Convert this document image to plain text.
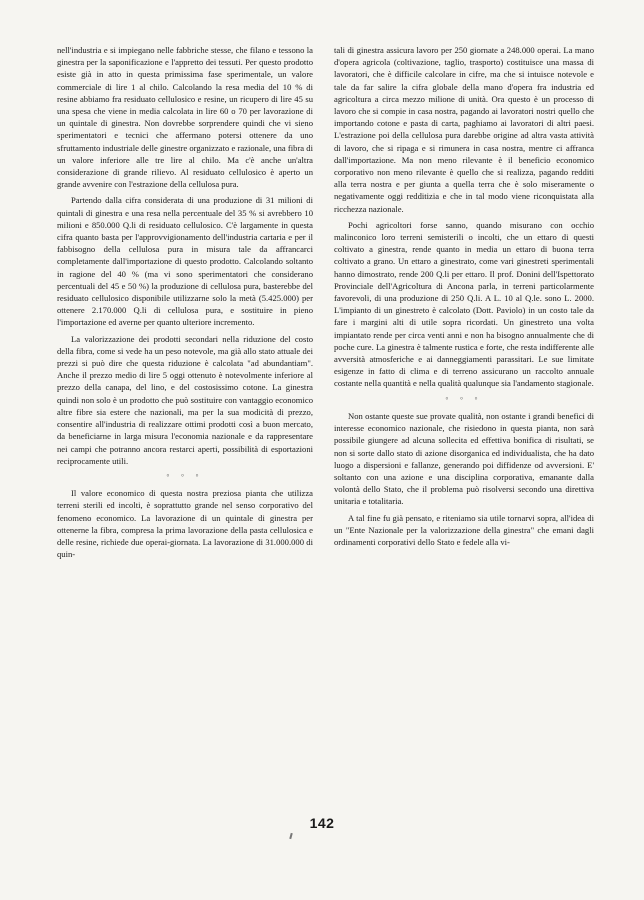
nell'industria e si impiegano nelle fabbriche stesse, che filano e tessono la ginestra per la saponificazione e l'appretto dei tessuti. Per questo prodotto esiste già in atto in questa primissima fase sperimentale, un valore commerciale di lire 1 al chilo. Calcolando la resa media del 10 % di resine abbiamo fra residuato cellulosico e resine, un ricupero di lire 45 su una spesa che viene in media calcolata in lire 60 o 70 per lavorazione di un quintale di ginestra. Non dovrebbe sorprendere quindi che vi sieno sperimentatori e tecnici che affermano potersi ottenere da uno sfruttamento industriale delle ginestre organizzato e razionale, una fibra di un valore inferiore alle tre lire al chilo. Ma c'è anche un'altra considerazione di grande rilievo. Al residuato cellulosico è aperto un grande avvenire con l'estrazione della cellulosa pura.

Partendo dalla cifra considerata di una produzione di 31 milioni di quintali di ginestra e una resa nella percentuale del 35 % si avrebbero 10 milioni e 850.000 Q.li di residuato cellulosico. C'è largamente in questa cifra quanto basta per l'approvvigionamento dell'industria cartaria e per il fabbisogno della cellulosa pura in misura tale da affrancarci completamente dall'importazione di questo prodotto. Calcolando soltanto in ragione del 40 % (ma vi sono sperimentatori che considerano percentuali del 45 e 50 %) la produzione di cellulosa pura, basterebbe del residuato cellulosico disponibile utilizzarne solo la metà (5.425.000) per ottenere 2.170.000 Q.li di cellulosa pura, e sostituire in pieno l'importazione ed averne per quanto ulteriore incremento.

La valorizzazione dei prodotti secondari nella riduzione del costo della fibra, come si vede ha un peso notevole, ma già allo stato attuale dei prezzi si può dire che questa riduzione è calcolata "ad abundantiam". Anche il prezzo medio di lire 5 oggi ottenuto è notevolmente inferiore al prezzo della canapa, del lino, e del costosissimo cotone. La ginestra quindi non solo è un prodotto che può sostituire con vantaggio economico altre fibre sia estere che nazionali, ma per la sua modicità di prezzo, consentire all'industria di realizzare ottimi prodotti così a buon mercato, da beneficiarne in larga misura l'economia nazionale e da rappresentare nei campi che potranno ancora restarci aperti, possibilità di esportazioni reciprocamente utili.

° ° °

Il valore economico di questa nostra preziosa pianta che utilizza terreni sterili ed incolti, è soprattutto grande nel senso corporativo del fenomeno economico. La lavorazione di un quintale di ginestra per ottenerne la fibra, compresa la prima lavorazione della pasta cellulosica e delle resine, richiede due operai-giornata. La lavorazione di 31.000.000 di quin-

tali di ginestra assicura lavoro per 250 giornate a 248.000 operai. La mano d'opera agricola (coltivazione, taglio, trasporto) costituisce una massa di lavoratori, che è difficile calcolare in cifre, ma che si intuisce notevole e tale da far salire la cifra globale della mano d'opera fra industria ed agricoltura a circa mezzo milione di unità. Ora questo è un processo di lavoro che si compie in casa nostra, pagando ai lavoratori nostri quello che importando cotone e pasta di carta, paghiamo ai lavoratori di altri paesi. L'estrazione poi della cellulosa pura darebbe origine ad altra vasta attività di lavoro, che si ripaga e si rimunera in casa nostra, mentre ci affranca dall'importazione. Ma non meno rilevante è il beneficio economico corporativo non meno rilevante è quello che si realizza, pagando redditi alla terra nostra e per giunta a quella terra che è solo miseramente o negativamente oggi redditizia e che in tal modo viene riconquistata alla ricchezza nazionale.

Pochi agricoltori forse sanno, quando misurano con occhio malinconico loro terreni semisterili o incolti, che un ettaro di questi coltivato a ginestra, rende quanto in media un ettaro di buona terra coltivato a grano. Un ettaro a ginestrato, come vari ginestreti sperimentali hanno dimostrato, rende 200 Q.li per ettaro. Il prof. Donini dell'Ispettorato Provinciale dell'Agricoltura di Ancona parla, in terreni particolarmente favorevoli, di una produzione di 250 Q.li. A L. 10 al Q.le. sono L. 2000. L'impianto di un ginestreto è calcolato (Dott. Paviolo) in un costo tale da fare i margini alti di utile sopra ricordati. Un ginestreto una volta impiantato rende per circa venti anni e non ha bisogno annualmente che di poche cure. La ginestra è talmente rustica e forte, che resta indifferente alle avversità atmosferiche e ai danneggiamenti parassitari. Le sue limitate esigenze in fatto di clima e di terreno assicurano un raccolto annuale costante nella quantità e nella qualità qualunque sia l'andamento stagionale.

° ° °

Non ostante queste sue provate qualità, non ostante i grandi benefici di interesse economico nazionale, che risiedono in questa pianta, non sarà possibile giungere ad alcuna sollecita ed effettiva bonifica di risultati, se non si sorte dallo stato di azione disorganica ed individualista, che ha dato luogo a dispersioni e fallanze, generando poi diffidenze od avversioni. E' soltanto con una azione e una disciplina corporativa, emanante dalla volontà dello Stato, che il problema può risolversi secondo una direttiva unitaria e totalitaria.

A tal fine fu già pensato, e riteniamo sia utile tornarvi sopra, all'idea di un "Ente Nazionale per la valorizzazione della ginestra" che emani dagli ordinamenti corporativi dello Stato e fedele alla vi-

142
